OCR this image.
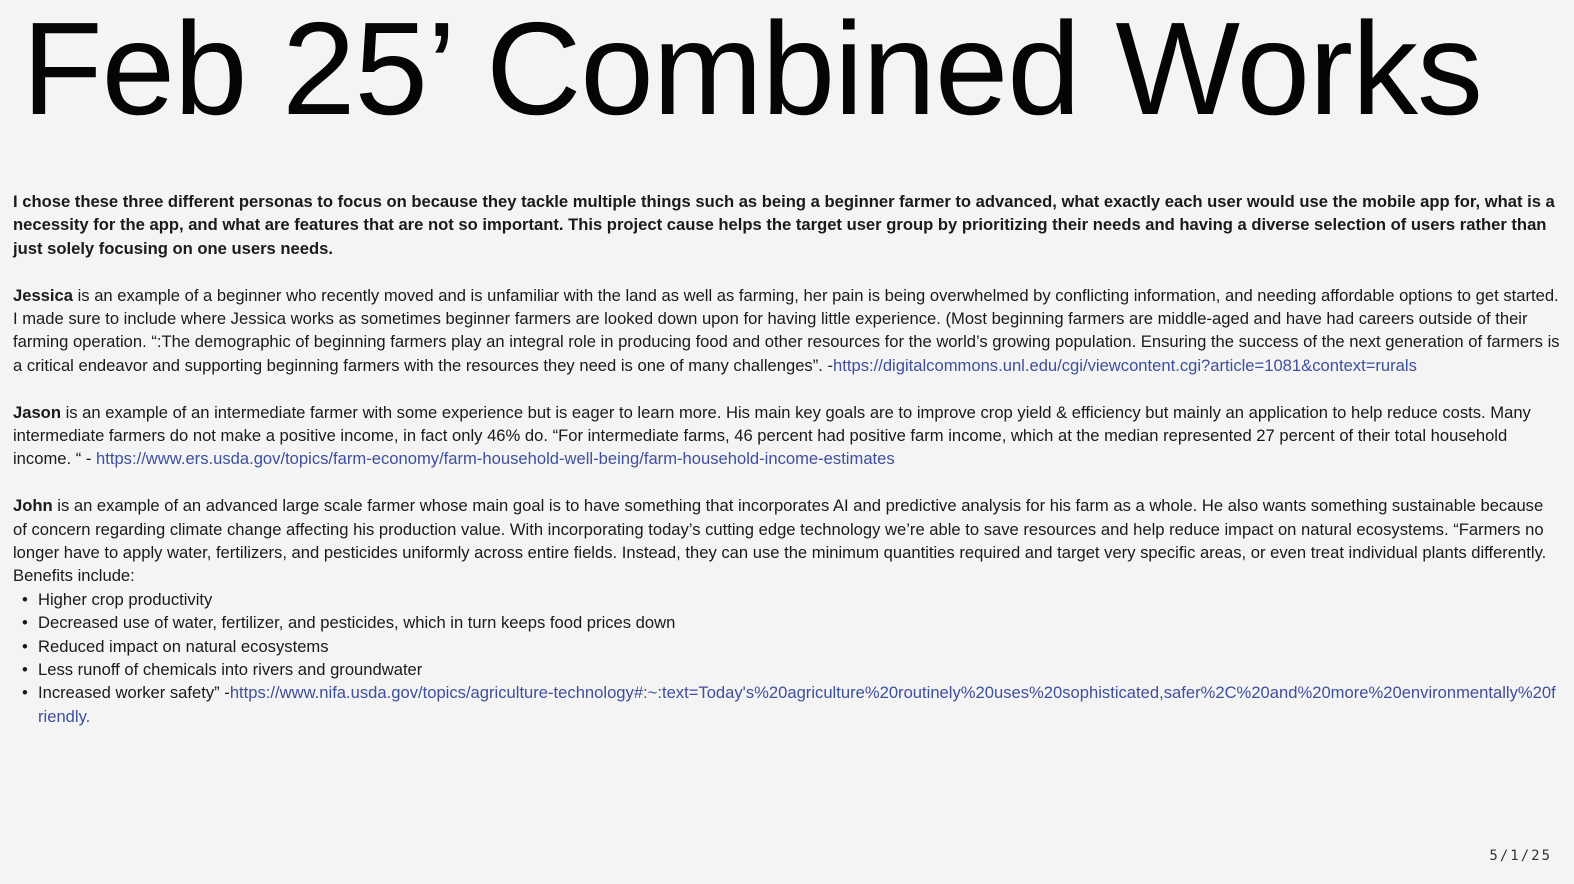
Feb 25’ Combined Works

I chose these three different personas to focus on because they tackle multiple things such as being a beginner farmer to advanced, what exactly each user would use the mobile app for, what is a necessity for the app, and what are features that are not so important. This project cause helps the target user group by prioritizing their needs and having a diverse selection of users rather than just solely focusing on one users needs.

Jessica is an example of a beginner who recently moved and is unfamiliar with the land as well as farming, her pain is being overwhelmed by conflicting information, and needing affordable options to get started. I made sure to include where Jessica works as sometimes beginner farmers are looked down upon for having little experience. (Most beginning farmers are middle-aged and have had careers outside of their farming operation. “:The demographic of beginning farmers play an integral role in producing food and other resources for the world’s growing population. Ensuring the success of the next generation of farmers is a critical endeavor and supporting beginning farmers with the resources they need is one of many challenges”. -https://digitalcommons.unl.edu/cgi/viewcontent.cgi?article=1081&context=rurals

Jason is an example of an intermediate farmer with some experience but is eager to learn more. His main key goals are to improve crop yield & efficiency but mainly an application to help reduce costs. Many intermediate farmers do not make a positive income, in fact only 46% do. “For intermediate farms, 46 percent had positive farm income, which at the median represented 27 percent of their total household income. “ - https://www.ers.usda.gov/topics/farm-economy/farm-household-well-being/farm-household-income-estimates

John is an example of an advanced large scale farmer whose main goal is to have something that incorporates AI and predictive analysis for his farm as a whole. He also wants something sustainable because of concern regarding climate change affecting his production value. With incorporating today’s cutting edge technology we’re able to save resources and help reduce impact on natural ecosystems. “Farmers no longer have to apply water, fertilizers, and pesticides uniformly across entire fields. Instead, they can use the minimum quantities required and target very specific areas, or even treat individual plants differently. Benefits include:
• Higher crop productivity
• Decreased use of water, fertilizer, and pesticides, which in turn keeps food prices down
• Reduced impact on natural ecosystems
• Less runoff of chemicals into rivers and groundwater
• Increased worker safety” -https://www.nifa.usda.gov/topics/agriculture-technology#:~:text=Today's%20agriculture%20routinely%20uses%20sophisticated,safer%2C%20and%20more%20environmentally%20friendly.
5/1/25
